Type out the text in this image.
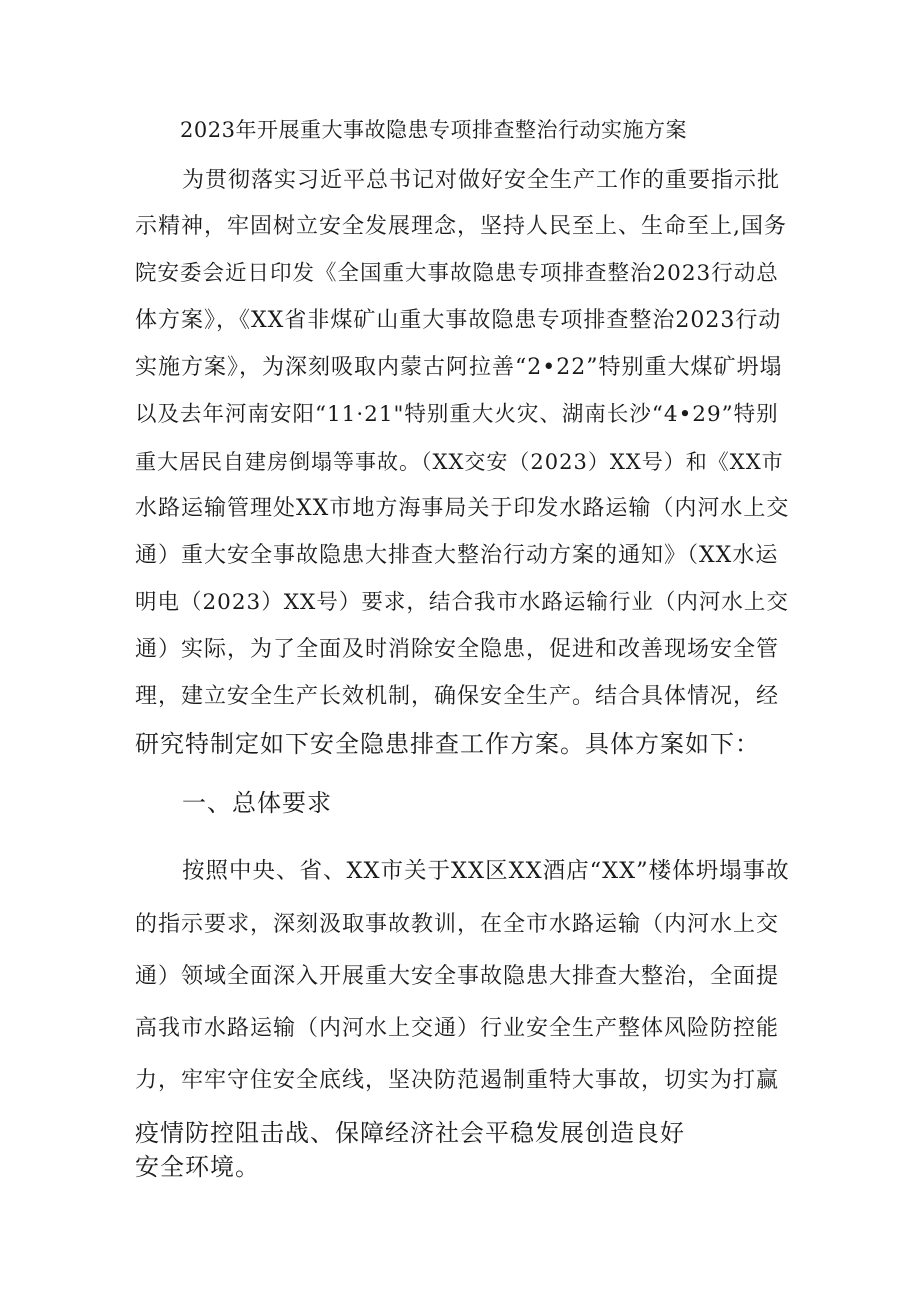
2023年开展重大事故隐患专项排查整治行动实施方案

为贯彻落实习近平总书记对做好安全生产工作的重要指示批

示精神，牢固树立安全发展理念，坚持人民至上、生命至上,国务

院安委会近日印发《全国重大事故隐患专项排查整治2023行动总

体方案》，《XX省非煤矿山重大事故隐患专项排查整治2023行动

实施方案》，为深刻吸取内蒙古阿拉善“2•22”特别重大煤矿坍塌

以及去年河南安阳“11·21"特别重大火灾、湖南长沙“4•29”特别

重大居民自建房倒塌等事故。（XX交安（2023）XX号）和《XX市

水路运输管理处XX市地方海事局关于印发水路运输（内河水上交

通）重大安全事故隐患大排查大整治行动方案的通知》（XX水运

明电（2023）XX号）要求，结合我市水路运输行业（内河水上交

通）实际，为了全面及时消除安全隐患，促进和改善现场安全管

理，建立安全生产长效机制，确保安全生产。结合具体情况，经

研究特制定如下安全隐患排查工作方案。具体方案如下：

一、总体要求

按照中央、省、XX市关于XX区XX酒店“XX”楼体坍塌事故

的指示要求，深刻汲取事故教训，在全市水路运输（内河水上交

通）领域全面深入开展重大安全事故隐患大排查大整治，全面提

高我市水路运输（内河水上交通）行业安全生产整体风险防控能

力，牢牢守住安全底线，坚决防范遏制重特大事故，切实为打赢

疫情防控阻击战、保障经济社会平稳发展创造良好

安全环境。
